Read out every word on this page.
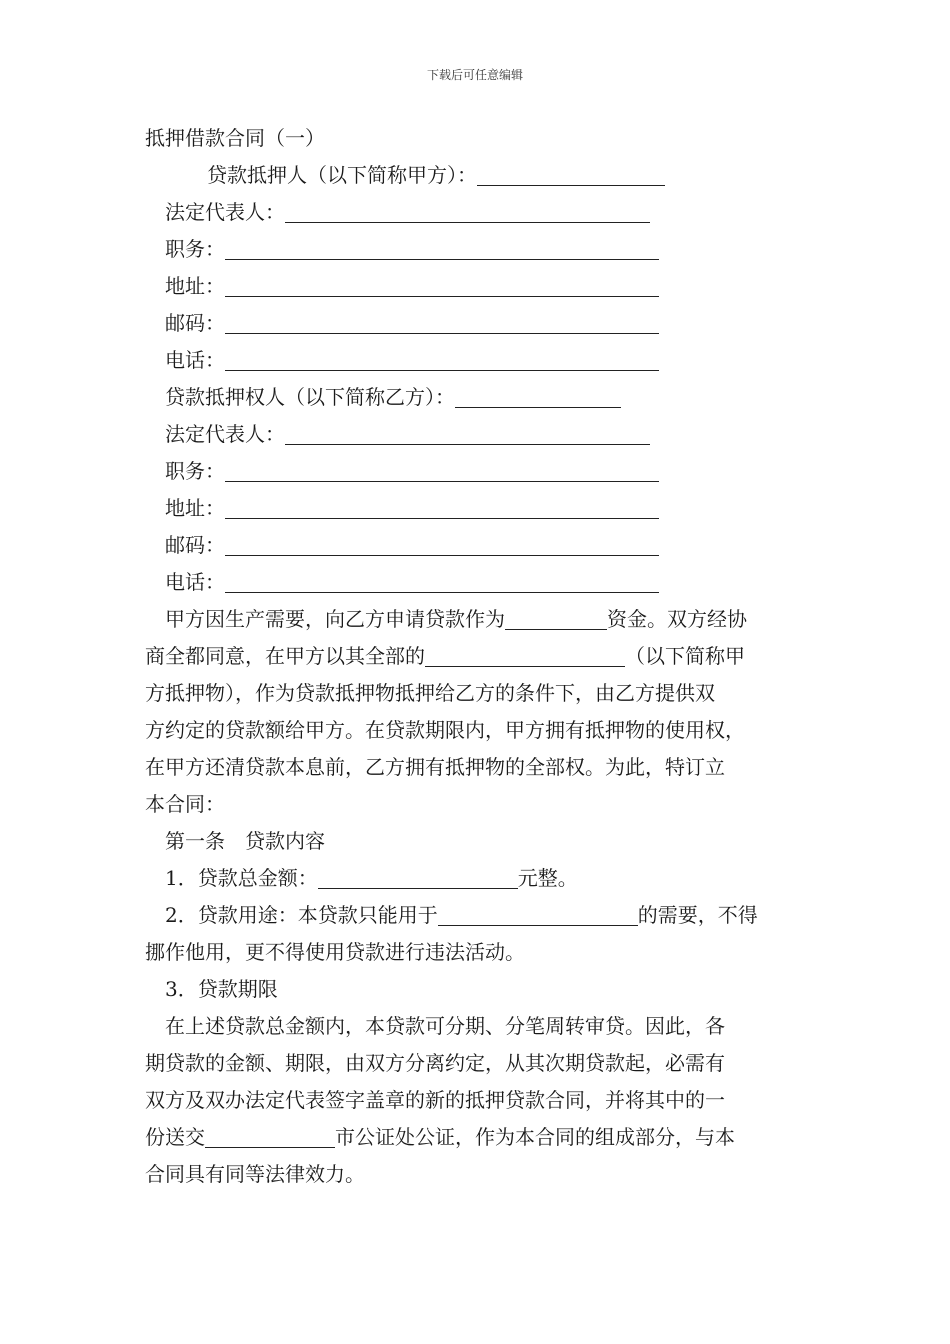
下载后可任意编辑
抵押借款合同（一）
贷款抵押人（以下简称甲方）：
法定代表人：
职务：
地址：
邮码：
电话：
贷款抵押权人（以下简称乙方）：
法定代表人：
职务：
地址：
邮码：
电话：
甲方因生产需要，向乙方申请贷款作为	资金。双方经协
商全都同意，在甲方以其全部的	（以下简称甲
方抵押物），作为贷款抵押物抵押给乙方的条件下，由乙方提供双
方约定的贷款额给甲方。在贷款期限内，甲方拥有抵押物的使用权，
在甲方还清贷款本息前，乙方拥有抵押物的全部权。为此，特订立
本合同：
第一条　贷款内容
1．贷款总金额：	元整。
2．贷款用途：本贷款只能用于	的需要，不得
挪作他用，更不得使用贷款进行违法活动。
3．贷款期限
在上述贷款总金额内，本贷款可分期、分笔周转审贷。因此，各
期贷款的金额、期限，由双方分离约定，从其次期贷款起，必需有
双方及双办法定代表签字盖章的新的抵押贷款合同，并将其中的一
份送交	市公证处公证，作为本合同的组成部分，与本
合同具有同等法律效力。
